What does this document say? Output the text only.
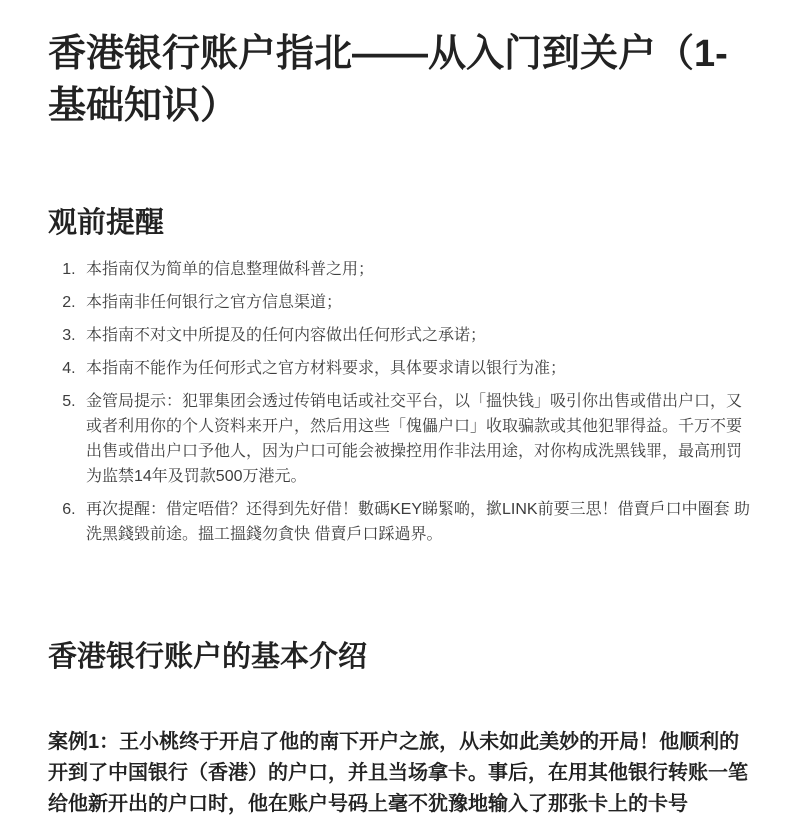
香港银行账户指北——从入门到关户（1-基础知识）
观前提醒
1. 本指南仅为简单的信息整理做科普之用；
2. 本指南非任何银行之官方信息渠道；
3. 本指南不对文中所提及的任何内容做出任何形式之承诺；
4. 本指南不能作为任何形式之官方材料要求，具体要求请以银行为准；
5. 金管局提示：犯罪集团会透过传销电话或社交平台，以「搵快钱」吸引你出售或借出户口，又或者利用你的个人资料来开户，然后用这些「傀儡户口」收取骗款或其他犯罪得益。千万不要出售或借出户口予他人，因为户口可能会被操控用作非法用途，对你构成洗黑钱罪，最高刑罚为监禁14年及罚款500万港元。
6. 再次提醒：借定唔借？还得到先好借！數碼KEY睇緊啲，撳LINK前要三思！借賣戶口中圈套 助洗黑錢毀前途。搵工搵錢勿貪快 借賣戶口踩過界。
香港银行账户的基本介绍

案例1：王小桃终于开启了他的南下开户之旅，从未如此美妙的开局！他顺利的开到了中国银行（香港）的户口，并且当场拿卡。事后，在用其他银行转账一笔给他新开出的户口时，他在账户号码上毫不犹豫地输入了那张卡上的卡号
